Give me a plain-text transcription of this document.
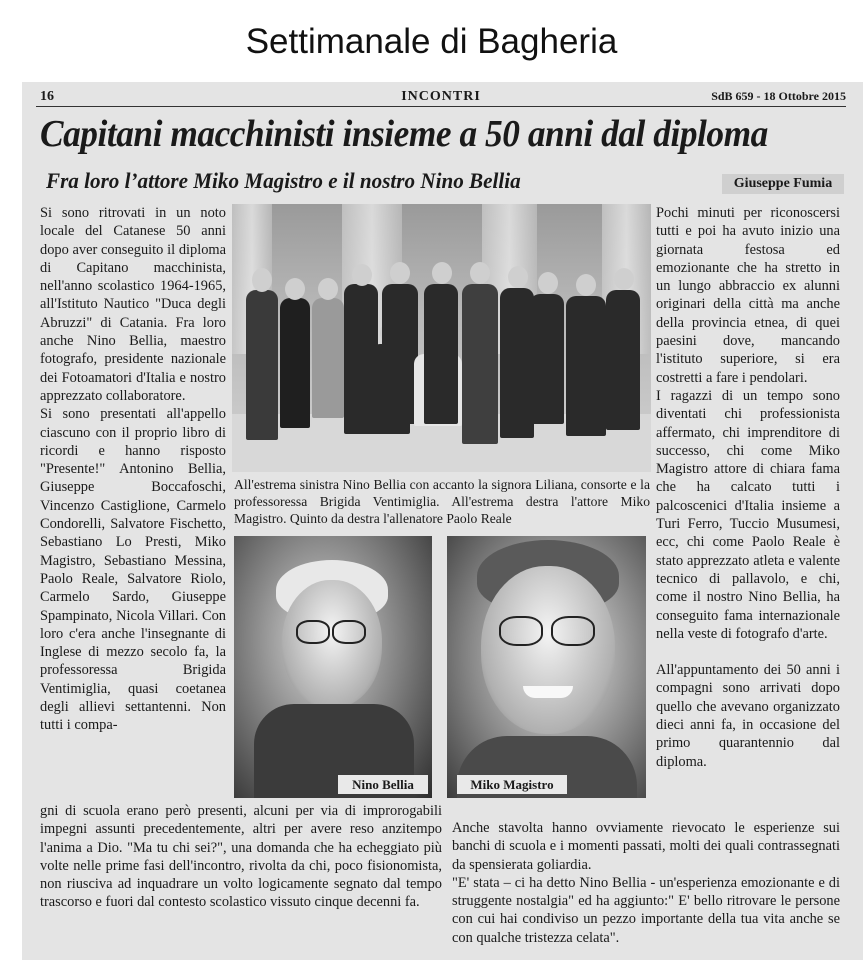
Settimanale di Bagheria
16	INCONTRI	SdB 659 - 18 Ottobre 2015
Capitani macchinisti insieme a 50 anni dal diploma
Fra loro l’attore Miko Magistro e il nostro Nino Bellia	Giuseppe Fumia

Si sono ritrovati in un noto locale del Catanese 50 anni dopo aver conseguito il diploma di Capitano macchinista, nell'anno scolastico 1964-1965, all'Istituto Nautico "Duca degli Abruzzi" di Catania. Fra loro anche Nino Bellia, maestro fotografo, presidente nazionale dei Fotoamatori d'Italia e nostro apprezzato collaboratore.

Si sono presentati all'appello ciascuno con il proprio libro di ricordi e hanno risposto "Presente!" Antonino Bellia, Giuseppe Boccafoschi, Vincenzo Castiglione, Carmelo Condorelli, Salvatore Fischetto, Sebastiano Lo Presti, Miko Magistro, Sebastiano Messina, Paolo Reale, Salvatore Riolo, Carmelo Sardo, Giuseppe Spampinato, Nicola Villari. Con loro c'era anche l'insegnante di Inglese di mezzo secolo fa, la professoressa Brigida Ventimiglia, quasi coetanea degli allievi settantenni. Non tutti i compa-

All'estrema sinistra Nino Bellia con accanto la signora Liliana, consorte e la professoressa Brigida Ventimiglia. All'estrema destra l'attore Miko Magistro. Quinto da destra l'allenatore Paolo Reale
Nino Bellia	Miko Magistro

Pochi minuti per riconoscersi tutti e poi ha avuto inizio una giornata festosa ed emozionante che ha stretto in un lungo abbraccio ex alunni originari della città ma anche della provincia etnea, di quei paesini dove, mancando l'istituto superiore, si era costretti a fare i pendolari.

I ragazzi di un tempo sono diventati chi professionista affermato, chi imprenditore di successo, chi come Miko Magistro attore di chiara fama che ha calcato tutti i palcoscenici d'Italia insieme a Turi Ferro, Tuccio Musumesi, ecc, chi come Paolo Reale è stato apprezzato atleta e valente tecnico di pallavolo, e chi, come il nostro Nino Bellia, ha conseguito fama internazionale nella veste di fotografo d'arte.

All'appuntamento dei 50 anni i compagni sono arrivati dopo quello che avevano organizzato dieci anni fa, in occasione del primo quarantennio dal diploma.

gni di scuola erano però presenti, alcuni per via di improrogabili impegni assunti precedentemente, altri per avere reso anzitempo l'anima a Dio. "Ma tu chi sei?", una domanda che ha echeggiato più volte nelle prime fasi dell'incontro, rivolta da chi, poco fisionomista, non riusciva ad inquadrare un volto logicamente segnato dal tempo trascorso e fuori dal contesto scolastico vissuto cinque decenni fa.

Anche stavolta hanno ovviamente rievocato le esperienze sui banchi di scuola e i momenti passati, molti dei quali contrassegnati da spensierata goliardia.

"E' stata – ci ha detto Nino Bellia - un'esperienza emozionante e di struggente nostalgia" ed ha aggiunto:" E' bello ritrovare le persone con cui hai condiviso un pezzo importante della tua vita anche se con qualche tristezza celata".
